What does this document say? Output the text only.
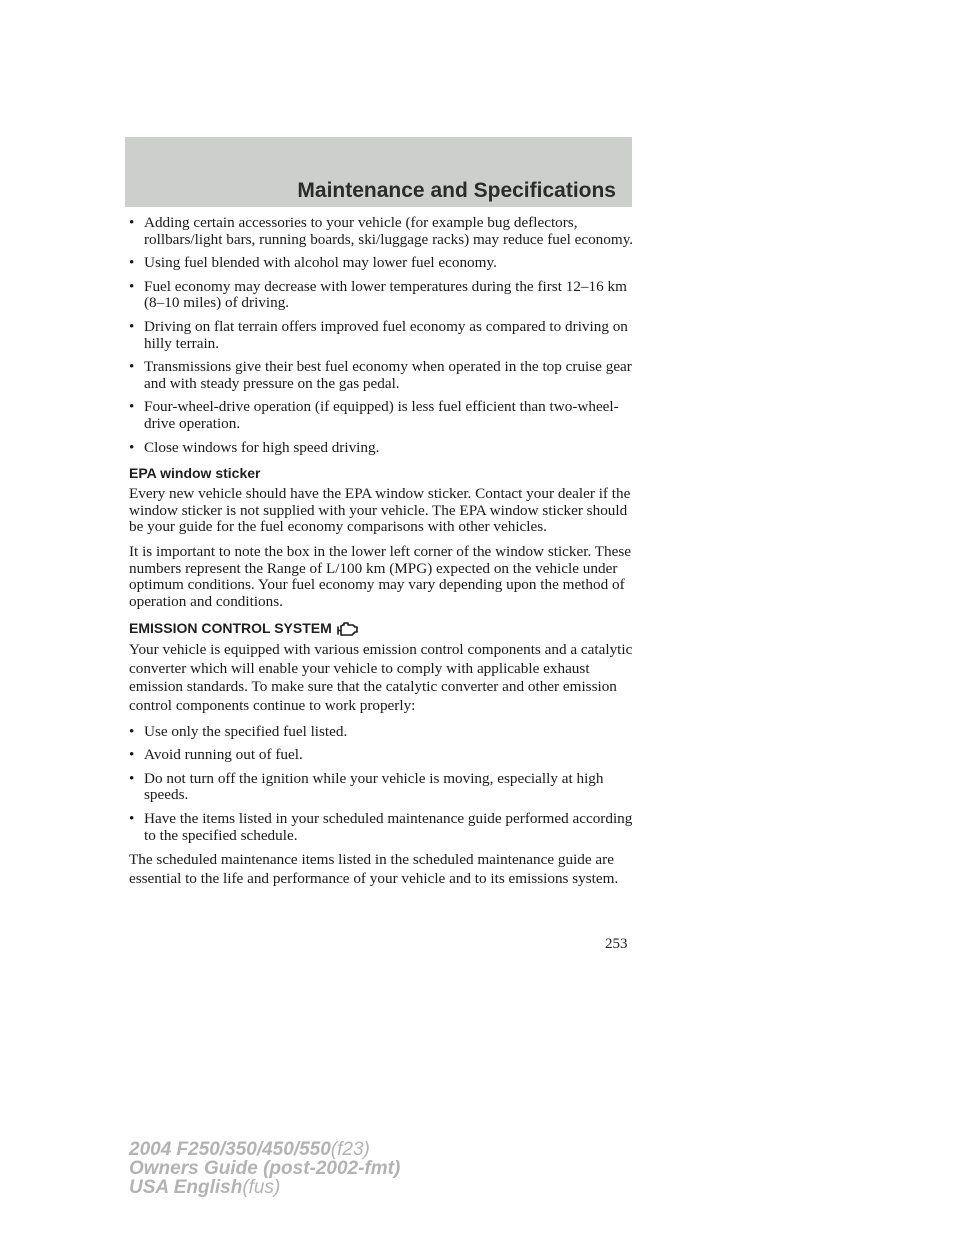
Maintenance and Specifications
• Adding certain accessories to your vehicle (for example bug deflectors, rollbars/light bars, running boards, ski/luggage racks) may reduce fuel economy.
• Using fuel blended with alcohol may lower fuel economy.
• Fuel economy may decrease with lower temperatures during the first 12–16 km (8–10 miles) of driving.
• Driving on flat terrain offers improved fuel economy as compared to driving on hilly terrain.
• Transmissions give their best fuel economy when operated in the top cruise gear and with steady pressure on the gas pedal.
• Four-wheel-drive operation (if equipped) is less fuel efficient than two-wheel-drive operation.
• Close windows for high speed driving.
EPA window sticker

Every new vehicle should have the EPA window sticker. Contact your dealer if the window sticker is not supplied with your vehicle. The EPA window sticker should be your guide for the fuel economy comparisons with other vehicles.

It is important to note the box in the lower left corner of the window sticker. These numbers represent the Range of L/100 km (MPG) expected on the vehicle under optimum conditions. Your fuel economy may vary depending upon the method of operation and conditions.

EMISSION CONTROL SYSTEM

Your vehicle is equipped with various emission control components and a catalytic converter which will enable your vehicle to comply with applicable exhaust emission standards. To make sure that the catalytic converter and other emission control components continue to work properly:

• Use only the specified fuel listed.
• Avoid running out of fuel.
• Do not turn off the ignition while your vehicle is moving, especially at high speeds.
• Have the items listed in your scheduled maintenance guide performed according to the specified schedule.

The scheduled maintenance items listed in the scheduled maintenance guide are essential to the life and performance of your vehicle and to its emissions system.

253
2004 F250/350/450/550(f23)
Owners Guide (post-2002-fmt)
USA English(fus)
